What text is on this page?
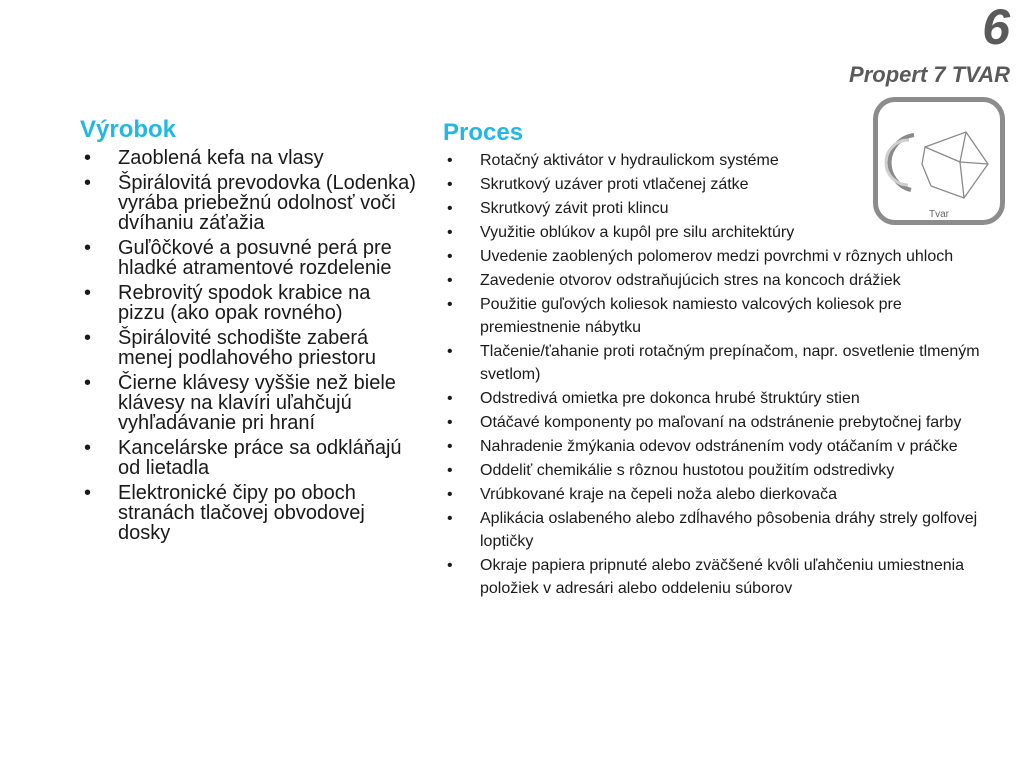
6
Propert 7 TVAR
Tvar
Výrobok
• Zaoblená kefa na vlasy
• Špirálovitá prevodovka (Lodenka) vyrába priebežnú odolnosť voči dvíhaniu záťažia
• Guľôčkové a posuvné perá pre hladké atramentové rozdelenie
• Rebrovitý spodok krabice na pizzu (ako opak rovného)
• Špirálovité schodište zaberá menej podlahového priestoru
• Čierne klávesy vyššie než biele klávesy na klavíri uľahčujú vyhľadávanie pri hraní
• Kancelárske práce sa odkláňajú od lietadla
• Elektronické čipy po oboch stranách tlačovej obvodovej dosky
Proces
• Rotačný aktivátor v hydraulickom systéme
• Skrutkový uzáver proti vtlačenej zátke
• Skrutkový závit proti klincu
• Využitie oblúkov a kupôl pre silu architektúry
• Uvedenie zaoblených polomerov medzi povrchmi v rôznych uhloch
• Zavedenie otvorov odstraňujúcich stres na koncoch drážiek
• Použitie guľových koliesok namiesto valcových koliesok pre premiestnenie nábytku
• Tlačenie/ťahanie proti rotačným prepínačom, napr. osvetlenie tlmeným svetlom)
• Odstredivá omietka pre dokonca hrubé štruktúry stien
• Otáčavé komponenty po maľovaní na odstránenie prebytočnej farby
• Nahradenie žmýkania odevov odstránením vody otáčaním v práčke
• Oddeliť chemikálie s rôznou hustotou použitím odstredivky
• Vrúbkované kraje na čepeli noža alebo dierkovača
• Aplikácia oslabeného alebo zdĺhavého pôsobenia dráhy strely golfovej loptičky
• Okraje papiera pripnuté alebo zväčšené kvôli uľahčeniu umiestnenia položiek v adresári alebo oddeleniu súborov
